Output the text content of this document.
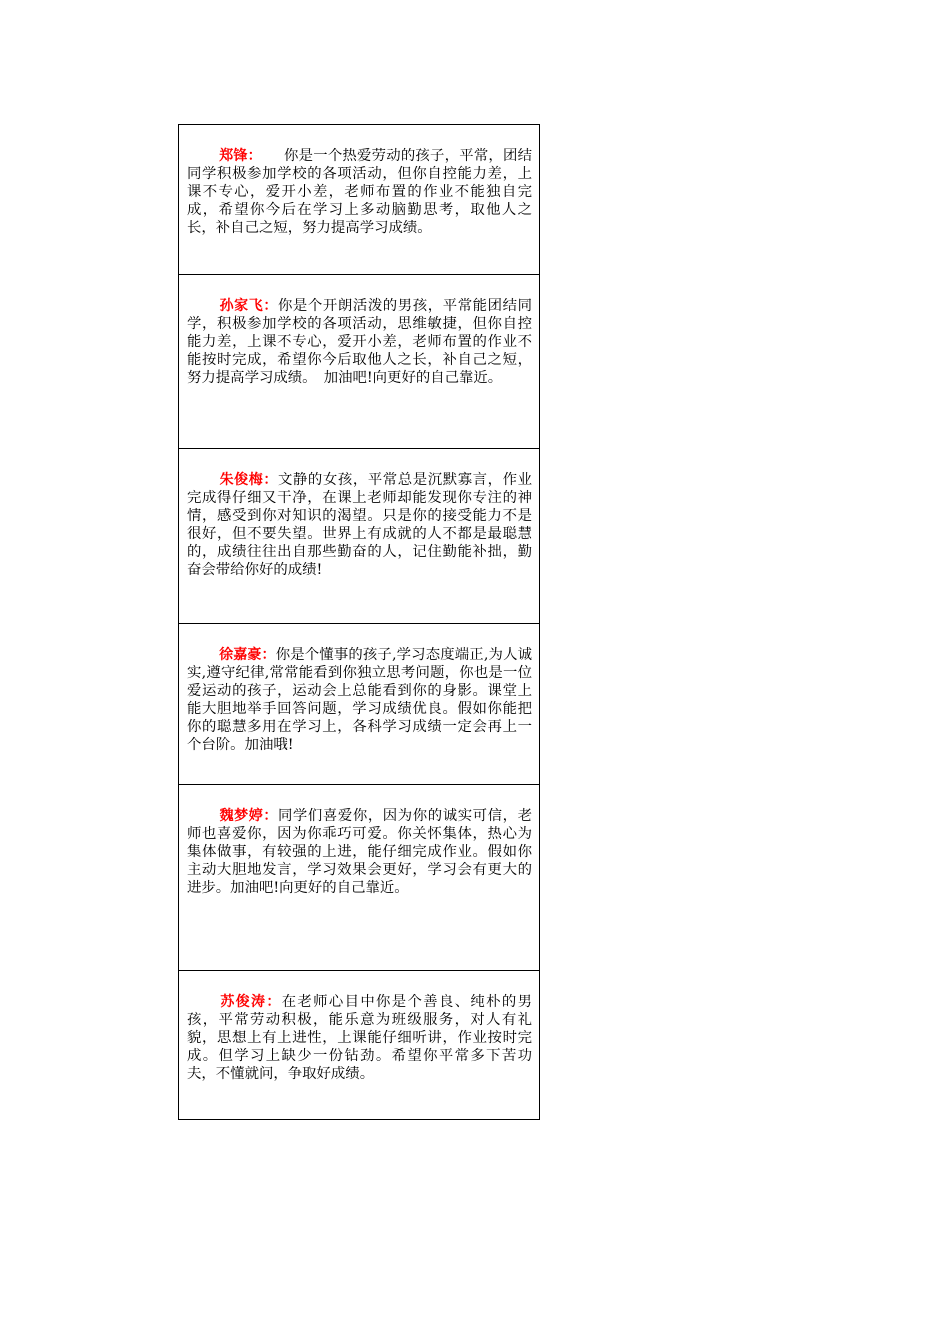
郑锋：　　你是一个热爱劳动的孩子，平常，团结同学积极参加学校的各项活动，但你自控能力差，上课不专心，爱开小差，老师布置的作业不能独自完成，希望你今后在学习上多动脑勤思考，取他人之长，补自己之短，努力提高学习成绩。
孙家飞：你是个开朗活泼的男孩，平常能团结同学，积极参加学校的各项活动，思维敏捷，但你自控能力差，上课不专心，爱开小差，老师布置的作业不能按时完成，希望你今后取他人之长，补自己之短，努力提高学习成绩。　加油吧!向更好的自己靠近。
朱俊梅：文静的女孩，平常总是沉默寡言，作业完成得仔细又干净，在课上老师却能发现你专注的神情，感受到你对知识的渴望。只是你的接受能力不是很好，但不要失望。世界上有成就的人不都是最聪慧的，成绩往往出自那些勤奋的人，记住勤能补拙，勤奋会带给你好的成绩!
徐嘉豪：你是个懂事的孩子,学习态度端正,为人诚实,遵守纪律,常常能看到你独立思考问题，你也是一位爱运动的孩子，运动会上总能看到你的身影。课堂上能大胆地举手回答问题，学习成绩优良。假如你能把你的聪慧多用在学习上，各科学习成绩一定会再上一个台阶。加油哦!
魏梦婷：同学们喜爱你，因为你的诚实可信，老师也喜爱你，因为你乖巧可爱。你关怀集体，热心为集体做事，有较强的上进，能仔细完成作业。假如你主动大胆地发言，学习效果会更好，学习会有更大的进步。加油吧!向更好的自己靠近。
苏俊涛：在老师心目中你是个善良、纯朴的男孩，平常劳动积极，能乐意为班级服务，对人有礼貌，思想上有上进性，上课能仔细听讲，作业按时完成。但学习上缺少一份钻劲。希望你平常多下苦功夫，不懂就问，争取好成绩。
